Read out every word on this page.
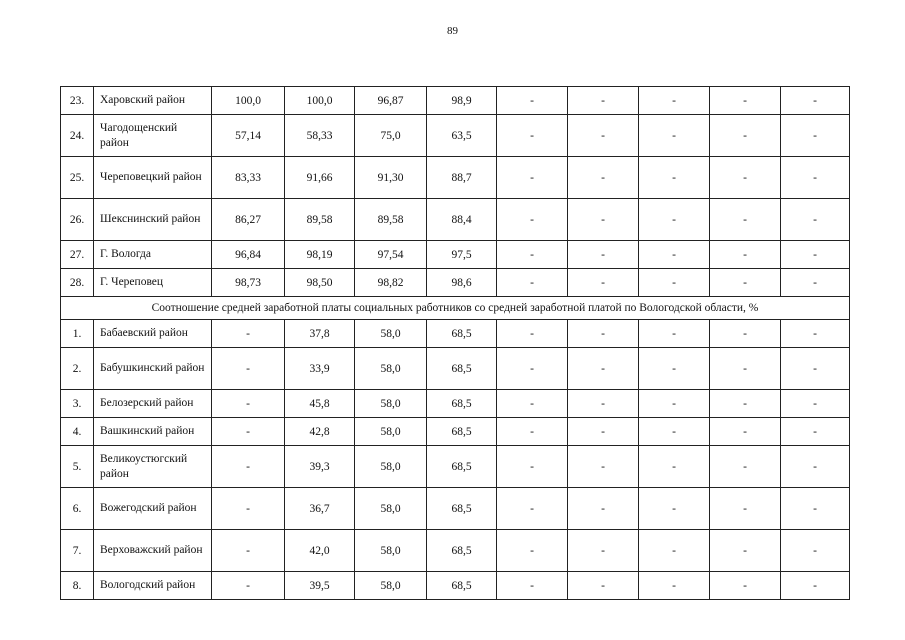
89
23.	Харовский район	100,0	100,0	96,87	98,9	-	-	-	-	-
24.	Чагодощенский район	57,14	58,33	75,0	63,5	-	-	-	-	-
25.	Череповецкий район	83,33	91,66	91,30	88,7	-	-	-	-	-
26.	Шекснинский район	86,27	89,58	89,58	88,4	-	-	-	-	-
27.	Г. Вологда	96,84	98,19	97,54	97,5	-	-	-	-	-
28.	Г. Череповец	98,73	98,50	98,82	98,6	-	-	-	-	-
Соотношение средней заработной платы социальных работников со средней заработной платой по Вологодской области, %										
1.	Бабаевский район	-	37,8	58,0	68,5	-	-	-	-	-
2.	Бабушкинский район	-	33,9	58,0	68,5	-	-	-	-	-
3.	Белозерский район	-	45,8	58,0	68,5	-	-	-	-	-
4.	Вашкинский район	-	42,8	58,0	68,5	-	-	-	-	-
5.	Великоустюгский район	-	39,3	58,0	68,5	-	-	-	-	-
6.	Вожегодский район	-	36,7	58,0	68,5	-	-	-	-	-
7.	Верховажский район	-	42,0	58,0	68,5	-	-	-	-	-
8.	Вологодский район	-	39,5	58,0	68,5	-	-	-	-	-
